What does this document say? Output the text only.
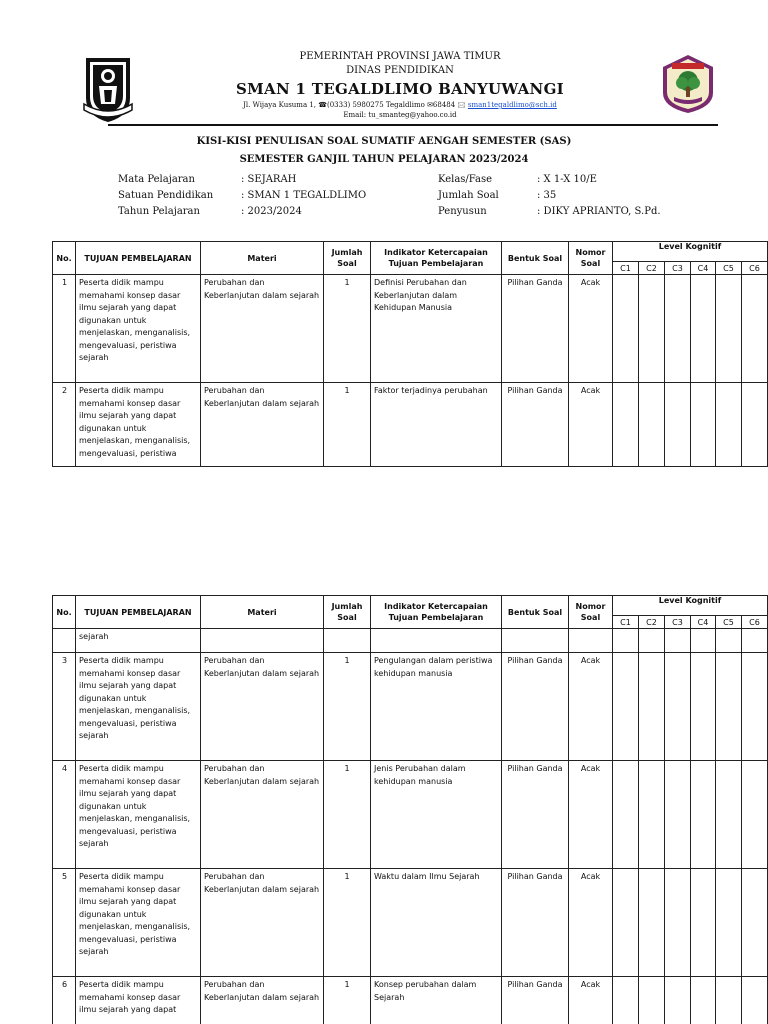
PEMERINTAH PROVINSI JAWA TIMUR
DINAS PENDIDIKAN
SMAN 1 TEGALDLIMO BANYUWANGI
Jl. Wijaya Kusuma 1, ☎(0333) 5980275 Tegaldlimo ✉68484 🖂 sman1tegaldlimo@sch.id
Email: tu_smanteg@yahoo.co.id
KISI-KISI PENULISAN SOAL SUMATIF AENGAH SEMESTER (SAS)
SEMESTER GANJIL TAHUN PELAJARAN 2023/2024
Mata Pelajaran	: SEJARAH
Satuan Pendidikan	: SMAN 1 TEGALDLIMO
Tahun Pelajaran	: 2023/2024
Kelas/Fase	: X 1-X 10/E
Jumlah Soal	: 35
Penyusun	: DIKY APRIANTO, S.Pd.
No.	TUJUAN PEMBELAJARAN	Materi	Jumlah Soal	Indikator Ketercapaian Tujuan Pembelajaran	Bentuk Soal	Nomor Soal	Level Kognitif					
							C1	C2	C3	C4	C5	C6

1	Peserta didik mampu memahami konsep dasar ilmu sejarah yang dapat digunakan untuk menjelaskan, menganalisis, mengevaluasi, peristiwa sejarah	Perubahan dan Keberlanjutan dalam sejarah	1	Definisi Perubahan dan Keberlanjutan dalam Kehidupan Manusia	Pilihan Ganda	Acak						

2	Peserta didik mampu memahami konsep dasar ilmu sejarah yang dapat digunakan untuk menjelaskan, menganalisis, mengevaluasi, peristiwa	Perubahan dan Keberlanjutan dalam sejarah	1	Faktor terjadinya perubahan	Pilihan Ganda	Acak						

No.	TUJUAN PEMBELAJARAN	Materi	Jumlah Soal	Indikator Ketercapaian Tujuan Pembelajaran	Bentuk Soal	Nomor Soal	Level Kognitif					
							C1	C2	C3	C4	C5	C6

	sejarah											

3	Peserta didik mampu memahami konsep dasar ilmu sejarah yang dapat digunakan untuk menjelaskan, menganalisis, mengevaluasi, peristiwa sejarah	Perubahan dan Keberlanjutan dalam sejarah	1	Pengulangan dalam peristiwa kehidupan manusia	Pilihan Ganda	Acak						

4	Peserta didik mampu memahami konsep dasar ilmu sejarah yang dapat digunakan untuk menjelaskan, menganalisis, mengevaluasi, peristiwa sejarah	Perubahan dan Keberlanjutan dalam sejarah	1	Jenis Perubahan dalam kehidupan manusia	Pilihan Ganda	Acak						

5	Peserta didik mampu memahami konsep dasar ilmu sejarah yang dapat digunakan untuk menjelaskan, menganalisis, mengevaluasi, peristiwa sejarah	Perubahan dan Keberlanjutan dalam sejarah	1	Waktu dalam Ilmu Sejarah	Pilihan Ganda	Acak						

6	Peserta didik mampu memahami konsep dasar ilmu sejarah yang dapat	Perubahan dan Keberlanjutan dalam sejarah	1	Konsep perubahan dalam Sejarah	Pilihan Ganda	Acak						
